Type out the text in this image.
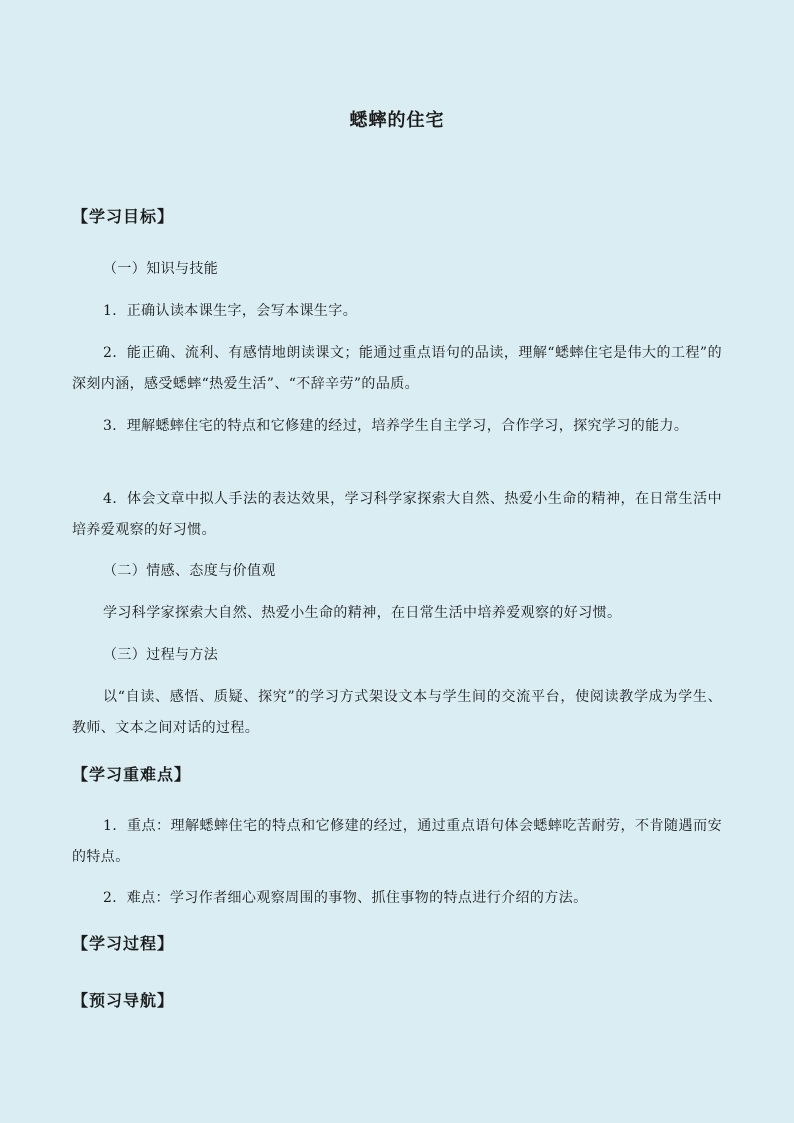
蟋蟀的住宅
【学习目标】
（一）知识与技能
1．正确认读本课生字，会写本课生字。
2．能正确、流利、有感情地朗读课文；能通过重点语句的品读，理解“蟋蟀住宅是伟大的工程”的深刻内涵，感受蟋蟀“热爱生活”、“不辞辛劳”的品质。
3．理解蟋蟀住宅的特点和它修建的经过，培养学生自主学习，合作学习，探究学习的能力。
4．体会文章中拟人手法的表达效果，学习科学家探索大自然、热爱小生命的精神，在日常生活中培养爱观察的好习惯。
（二）情感、态度与价值观
学习科学家探索大自然、热爱小生命的精神，在日常生活中培养爱观察的好习惯。
（三）过程与方法
以“自读、感悟、质疑、探究”的学习方式架设文本与学生间的交流平台，使阅读教学成为学生、教师、文本之间对话的过程。
【学习重难点】
1．重点：理解蟋蟀住宅的特点和它修建的经过，通过重点语句体会蟋蟀吃苦耐劳，不肯随遇而安的特点。
2．难点：学习作者细心观察周围的事物、抓住事物的特点进行介绍的方法。
【学习过程】
【预习导航】
